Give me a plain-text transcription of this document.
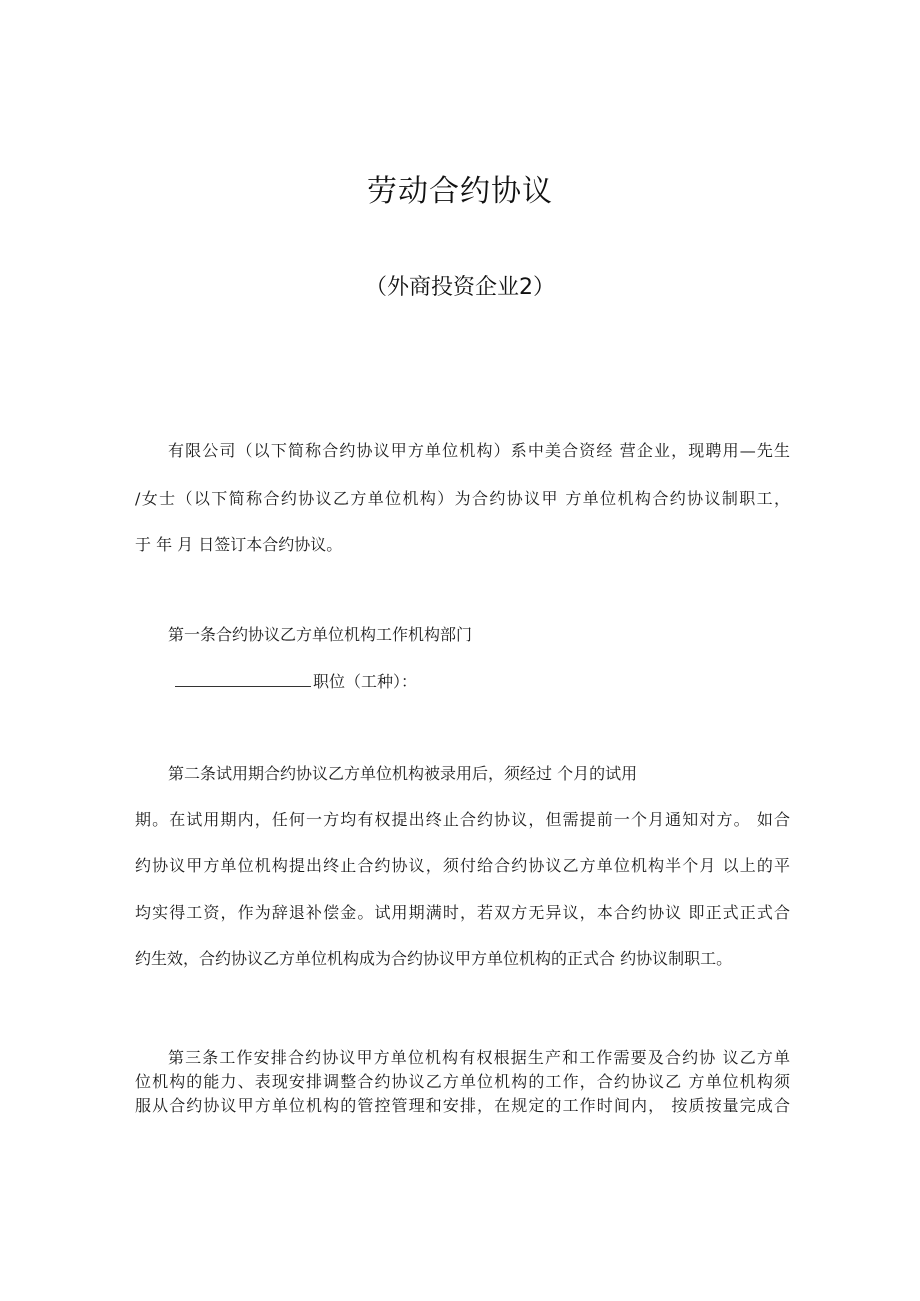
劳动合约协议
（外商投资企业2）
有限公司（以下简称合约协议甲方单位机构）系中美合资经 营企业，现聘用—先生
/女士（以下简称合约协议乙方单位机构）为合约协议甲 方单位机构合约协议制职工，
于 年 月 日签订本合约协议。
第一条合约协议乙方单位机构工作机构部门
职位（工种）：
第二条试用期合约协议乙方单位机构被录用后，须经过 个月的试用
期。在试用期内，任何一方均有权提出终止合约协议，但需提前一个月通知对方。 如合
约协议甲方单位机构提出终止合约协议，须付给合约协议乙方单位机构半个月 以上的平
均实得工资，作为辞退补偿金。试用期满时，若双方无异议，本合约协议 即正式正式合
约生效，合约协议乙方单位机构成为合约协议甲方单位机构的正式合 约协议制职工。
第三条工作安排合约协议甲方单位机构有权根据生产和工作需要及合约协 议乙方单
位机构的能力、表现安排调整合约协议乙方单位机构的工作，合约协议乙 方单位机构须
服从合约协议甲方单位机构的管控管理和安排，在规定的工作时间内， 按质按量完成合
